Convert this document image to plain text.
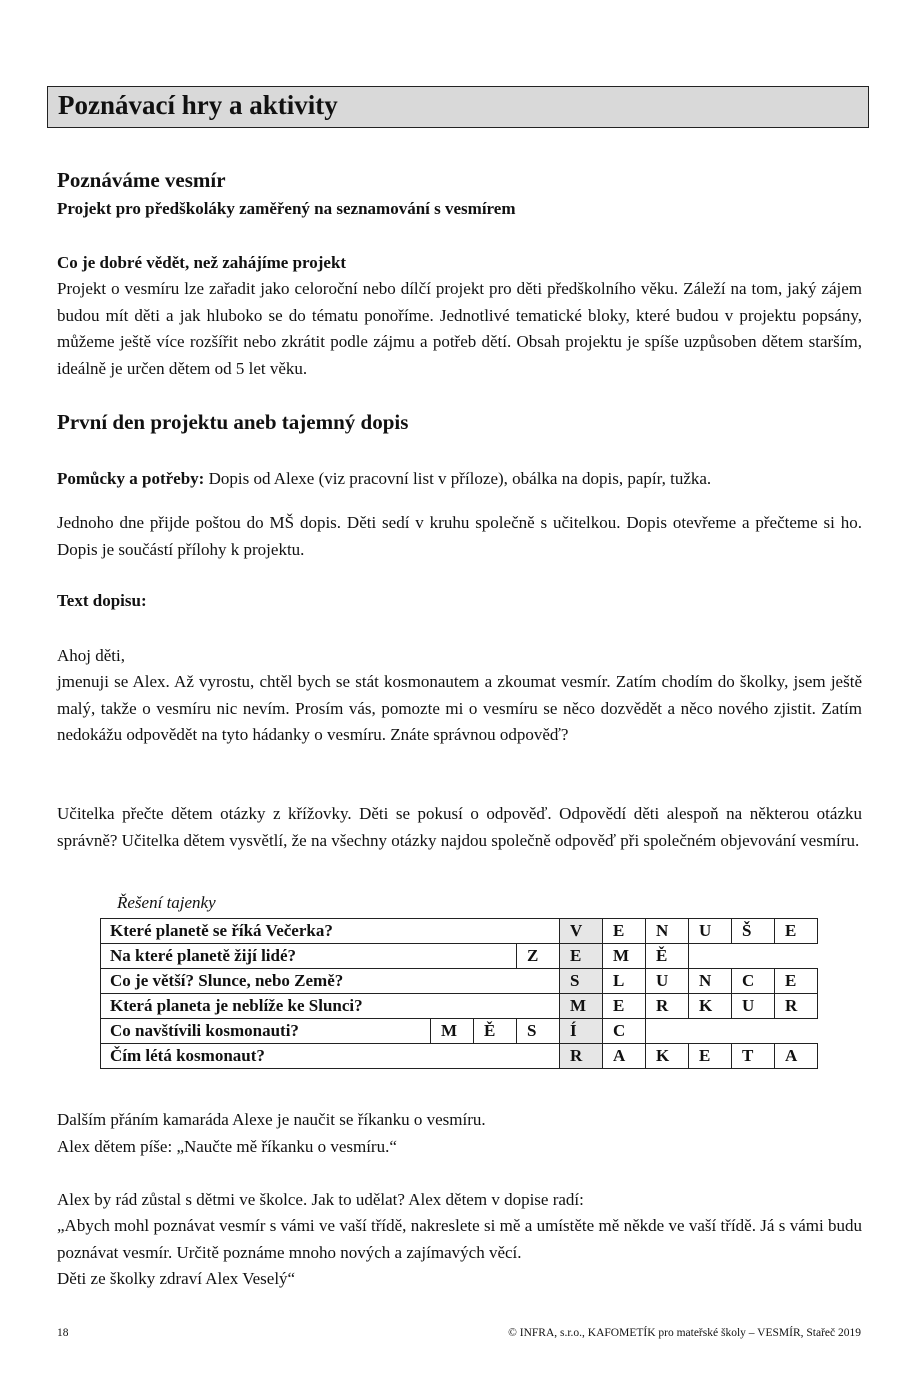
Poznávací hry a aktivity
Poznáváme vesmír
Projekt pro předškoláky zaměřený na seznamování s vesmírem
Co je dobré vědět, než zahájíme projekt
Projekt o vesmíru lze zařadit jako celoroční nebo dílčí projekt pro děti předškolního věku. Záleží na tom, jaký zájem budou mít děti a jak hluboko se do tématu ponoříme. Jednotlivé tematické bloky, které budou v projektu popsány, můžeme ještě více rozšířit nebo zkrátit podle zájmu a potřeb dětí. Obsah projektu je spíše uzpůsoben dětem starším, ideálně je určen dětem od 5 let věku.
První den projektu aneb tajemný dopis
Pomůcky a potřeby: Dopis od Alexe (viz pracovní list v příloze), obálka na dopis, papír, tužka.
Jednoho dne přijde poštou do MŠ dopis. Děti sedí v kruhu společně s učitelkou. Dopis otevřeme a přečteme si ho. Dopis je součástí přílohy k projektu.
Text dopisu:
Ahoj děti,
jmenuji se Alex. Až vyrostu, chtěl bych se stát kosmonautem a zkoumat vesmír. Zatím chodím do školky, jsem ještě malý, takže o vesmíru nic nevím. Prosím vás, pomozte mi o vesmíru se něco dozvědět a něco nového zjistit. Zatím nedokážu odpovědět na tyto hádanky o vesmíru. Znáte správnou odpověď?
Učitelka přečte dětem otázky z křížovky. Děti se pokusí o odpověď. Odpovědí děti alespoň na některou otázku správně? Učitelka dětem vysvětlí, že na všechny otázky najdou společně odpověď při společném objevování vesmíru.
Řešení tajenky
Které planetě se říká Večerka?				V	E	N	U	Š	E
Na které planetě žijí lidé?			Z	E	M	Ě			
Co je větší? Slunce, nebo Země?				S	L	U	N	C	E
Která planeta je neblíže ke Slunci?				M	E	R	K	U	R
Co navštívili kosmonauti?	M	Ě	S	Í	C				
Čím létá kosmonaut?				R	A	K	E	T	A
Dalším přáním kamaráda Alexe je naučit se říkanku o vesmíru.
Alex dětem píše: „Naučte mě říkanku o vesmíru.“
Alex by rád zůstal s dětmi ve školce. Jak to udělat? Alex dětem v dopise radí:
„Abych mohl poznávat vesmír s vámi ve vaší třídě, nakreslete si mě a umístěte mě někde ve vaší třídě. Já s vámi budu poznávat vesmír. Určitě poznáme mnoho nových a zajímavých věcí.
Děti ze školky zdraví Alex Veselý“
18	© INFRA, s.r.o., KAFOMETÍK pro mateřské školy – VESMÍR, Stařeč 2019
